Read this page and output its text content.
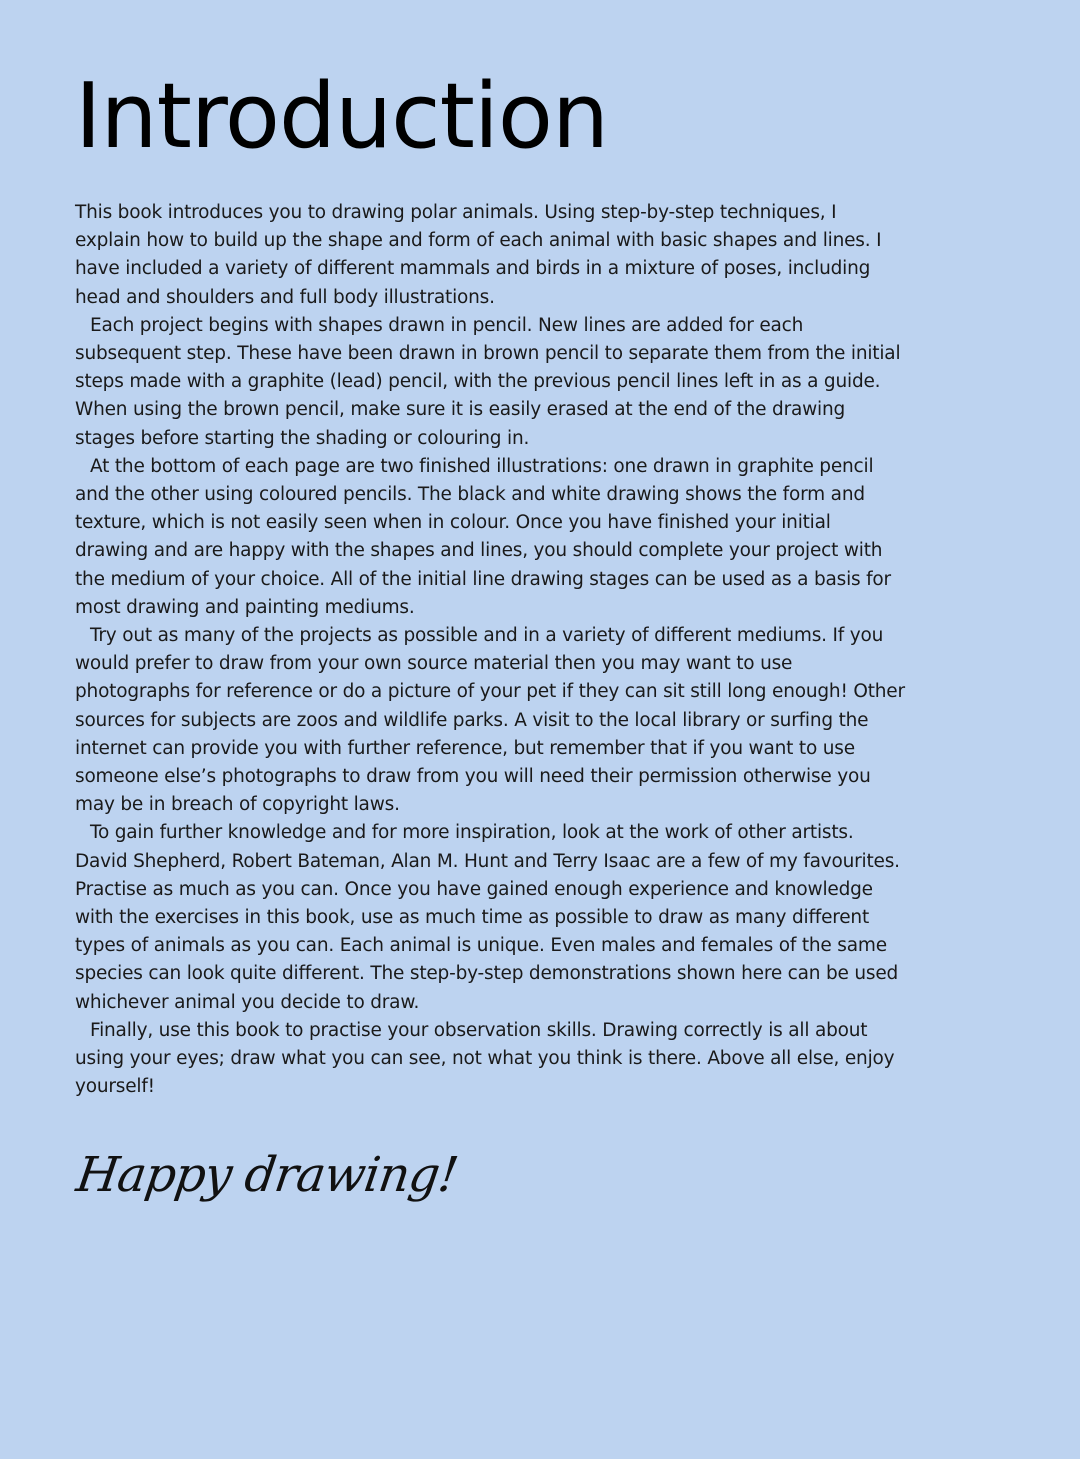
Introduction

This book introduces you to drawing polar animals. Using step-by-step techniques, I explain how to build up the shape and form of each animal with basic shapes and lines. I have included a variety of different mammals and birds in a mixture of poses, including head and shoulders and full body illustrations.

Each project begins with shapes drawn in pencil. New lines are added for each subsequent step. These have been drawn in brown pencil to separate them from the initial steps made with a graphite (lead) pencil, with the previous pencil lines left in as a guide. When using the brown pencil, make sure it is easily erased at the end of the drawing stages before starting the shading or colouring in.

At the bottom of each page are two finished illustrations: one drawn in graphite pencil and the other using coloured pencils. The black and white drawing shows the form and texture, which is not easily seen when in colour. Once you have finished your initial drawing and are happy with the shapes and lines, you should complete your project with the medium of your choice. All of the initial line drawing stages can be used as a basis for most drawing and painting mediums.

Try out as many of the projects as possible and in a variety of different mediums. If you would prefer to draw from your own source material then you may want to use photographs for reference or do a picture of your pet if they can sit still long enough! Other sources for subjects are zoos and wildlife parks. A visit to the local library or surfing the internet can provide you with further reference, but remember that if you want to use someone else’s photographs to draw from you will need their permission otherwise you may be in breach of copyright laws.

To gain further knowledge and for more inspiration, look at the work of other artists. David Shepherd, Robert Bateman, Alan M. Hunt and Terry Isaac are a few of my favourites. Practise as much as you can. Once you have gained enough experience and knowledge with the exercises in this book, use as much time as possible to draw as many different types of animals as you can. Each animal is unique. Even males and females of the same species can look quite different. The step-by-step demonstrations shown here can be used whichever animal you decide to draw.

Finally, use this book to practise your observation skills. Drawing correctly is all about using your eyes; draw what you can see, not what you think is there. Above all else, enjoy yourself!

Happy drawing!
